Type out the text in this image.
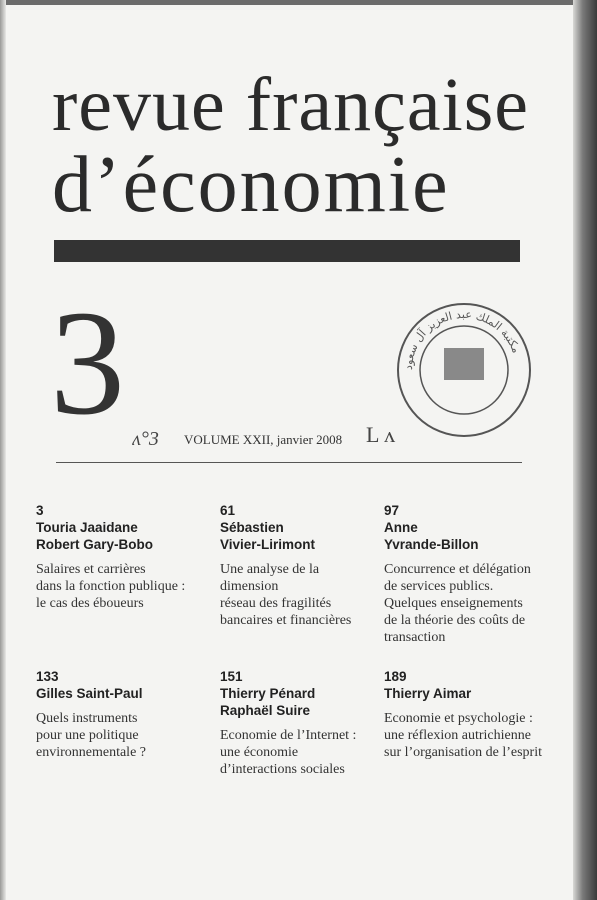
revue française
d’économie
3 ʌ°3 VOLUME XXII, janvier 2008 L ʌ
مكتبة الملك عبد العزيز آل سعود
3
Touria Jaaidane
Robert Gary-Bobo
Salaires et carrières
dans la fonction publique :
le cas des éboueurs
61
Sébastien
Vivier-Lirimont
Une analyse de la
dimension
réseau des fragilités
bancaires et financières
97
Anne
Yvrande-Billon
Concurrence et délégation
de services publics.
Quelques enseignements
de la théorie des coûts de
transaction
133
Gilles Saint-Paul
Quels instruments
pour une politique
environnementale ?
151
Thierry Pénard
Raphaël Suire
Economie de l’Internet :
une économie
d’interactions sociales
189
Thierry Aimar
Economie et psychologie :
une réflexion autrichienne
sur l’organisation de l’esprit
